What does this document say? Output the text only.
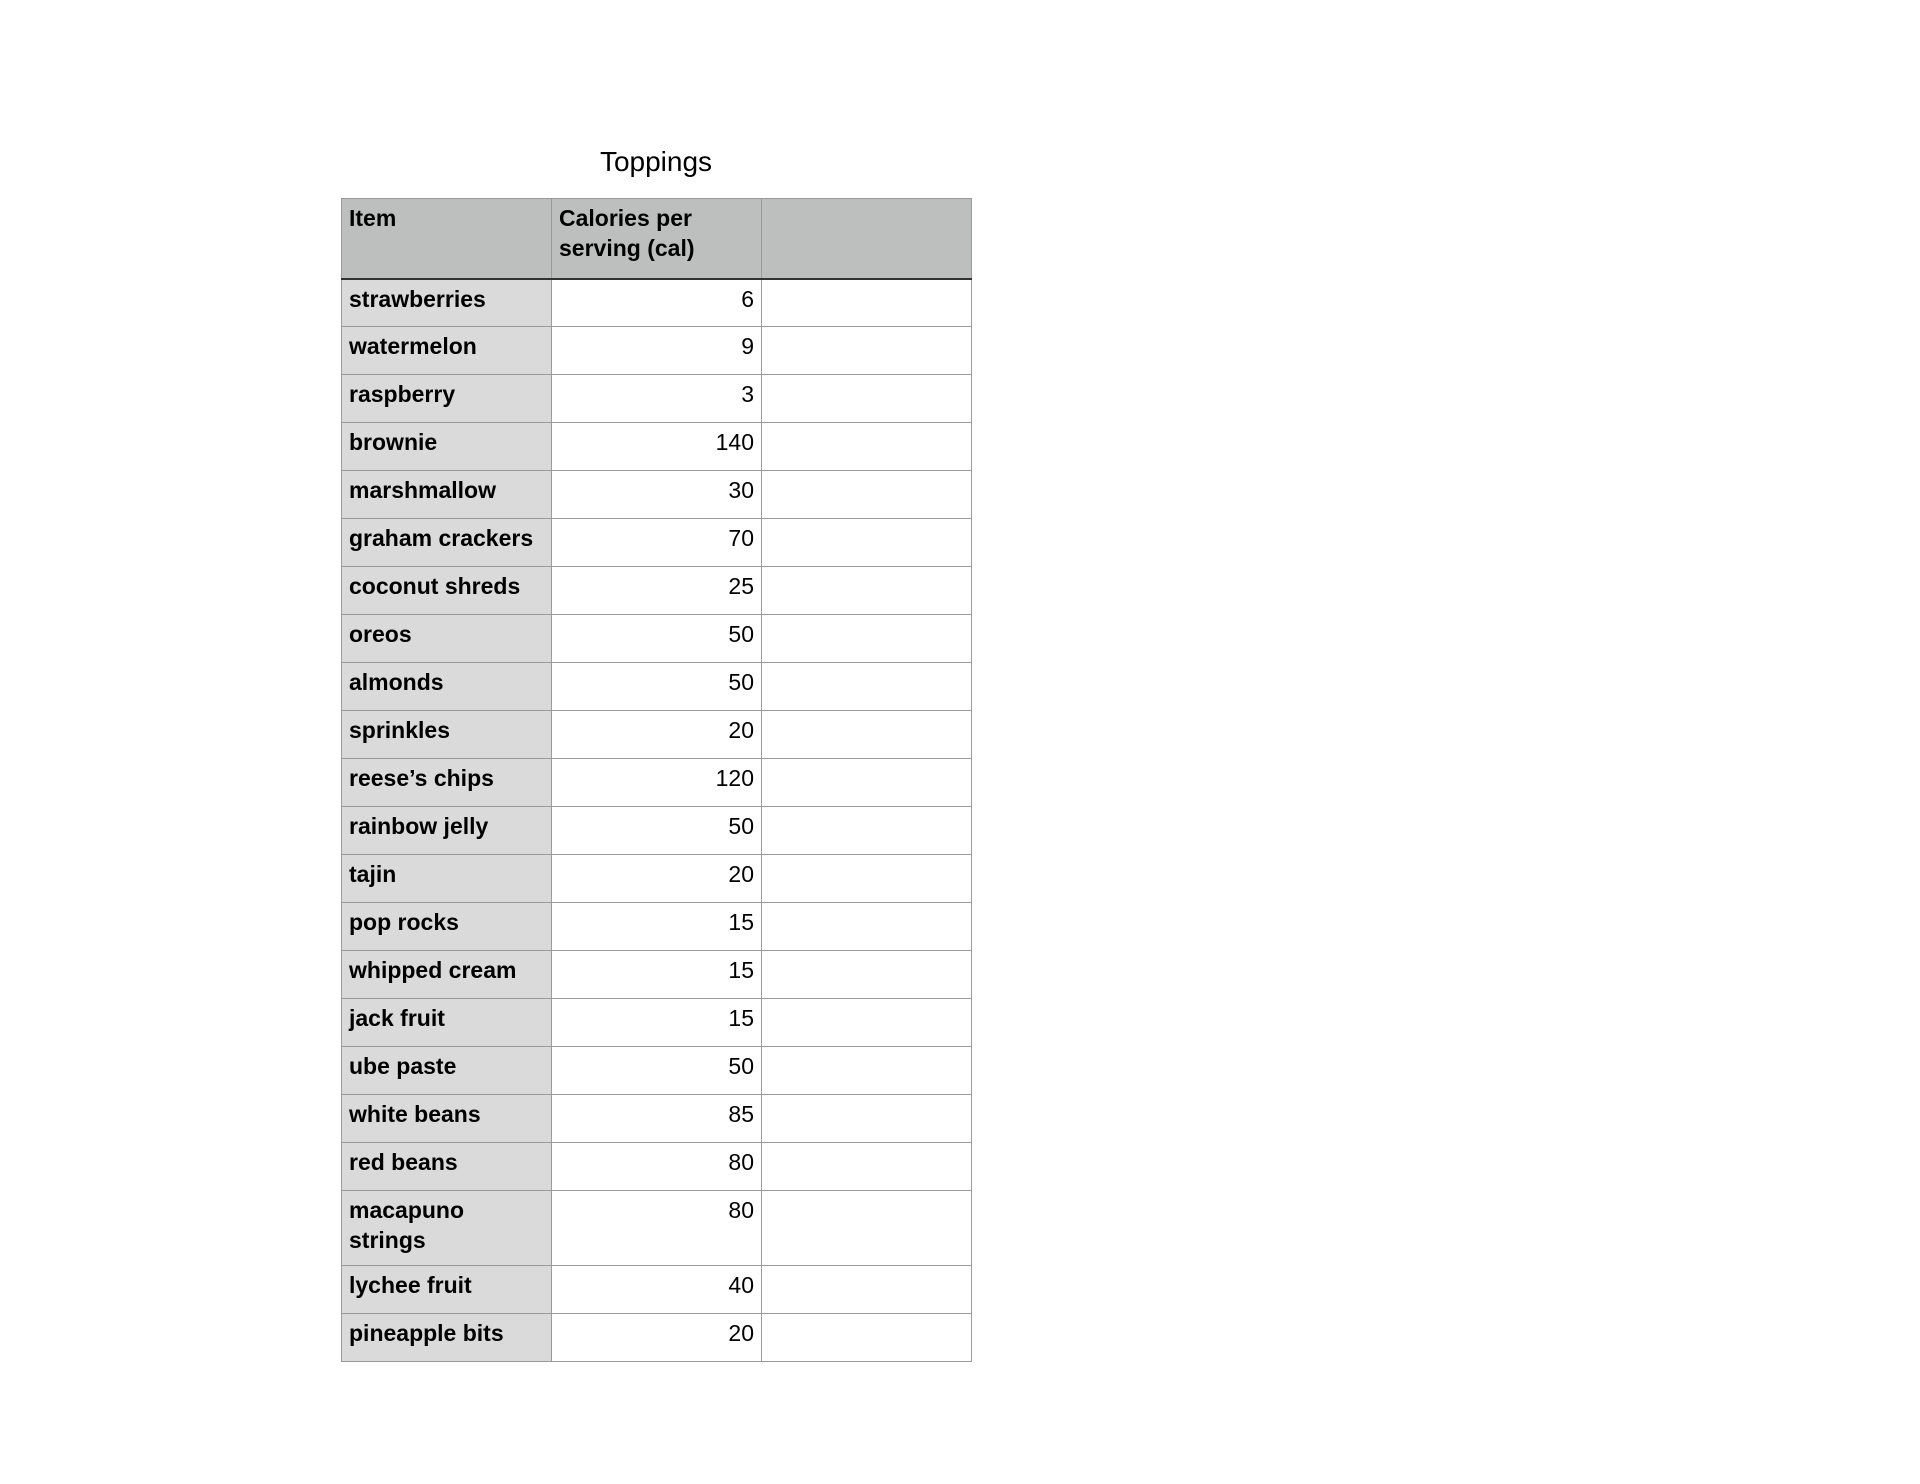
Toppings
Item	Calories per serving (cal)	
strawberries	6	
watermelon	9	
raspberry	3	
brownie	140	
marshmallow	30	
graham crackers	70	
coconut shreds	25	
oreos	50	
almonds	50	
sprinkles	20	
reese’s chips	120	
rainbow jelly	50	
tajin	20	
pop rocks	15	
whipped cream	15	
jack fruit	15	
ube paste	50	
white beans	85	
red beans	80	
macapuno strings	80	
lychee fruit	40	
pineapple bits	20	
